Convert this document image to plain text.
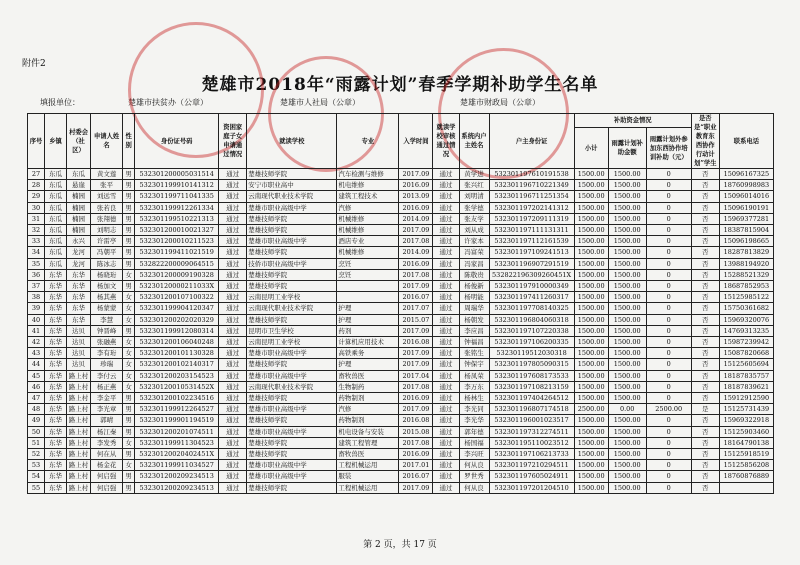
附件2
楚雄市2018年“雨露计划”春季学期补助学生名单
填报单位：	楚雄市扶贫办（公章）	楚雄市人社局（公章）	楚雄市财政局（公章）
序号	乡镇	村委会（社区）	申请人姓名	性别	身份证号码	资困家庭子女申请通过情况	就读学校	专业	入学时间	就读学校审核通过情况	系统内户主姓名	户主身份证	补助资金情况			是否是“职业教育东西协作行动计划”学生	联系电话
													小计	雨露计划补助金额	雨露计划外参加东西协作培训补助（元）		
27	东瓜	东瓜	黄文莲	男	532301200005031514	通过	楚雄技师学院	汽车检测与维修	2017.09	通过	黄学进	532301197610191538	1500.00	1500.00	0	否	15096167325
28	东瓜	悬崖	张平	男	532301199910141312	通过	安宁市职业高中	机电维修	2016.09	通过	张兴红	532301196710221349	1500.00	1500.00	0	否	18760998983
29	东瓜	楠园	刘远雪	男	532301199711041335	通过	云南现代职业技术学院	建筑工程技术	2013.09	通过	刘明清	532301196711251354	1500.00	1500.00	0	否	15096014016
30	东瓜	楠园	张若良	男	532301199912261334	通过	楚雄市职业高级中学	汽修	2016.09	通过	张学德	532301197202141312	1500.00	1500.00	0	否	15096190191
31	东瓜	楠园	张翔德	男	532301199510221313	通过	楚雄技师学院	机械维修	2014.09	通过	张友学	532301197209111319	1500.00	1500.00	0	否	15969377281
32	东瓜	楠园	刘明志	男	532301200010021327	通过	楚雄技师学院	机械维修	2017.09	通过	刘从成	532301197111131311	1500.00	1500.00	0	否	18387815904
33	东瓜	永兴	许雷亭	男	532301200010211523	通过	楚雄市职业高级中学	酒店专业	2017.08	通过	许家本	532301197112161539	1500.00	1500.00	0	否	15096198665
34	东瓜	龙河	冯朝平	男	532301199411021519	通过	楚雄技师学院	机械维修	2014.09	通过	冯富荣	532301197109241513	1500.00	1500.00	0	否	18287813829
35	东瓜	龙河	陈冰志	男	532822200009064515	通过	技侨市职业高级中学	烹饪	2016.09	通过	冯家昌	532301196907291519	1500.00	1500.00	0	否	13988194920
36	东华	东华	杨晓珩	女	532301200009190328	通过	楚雄技师学院	烹饪	2017.08	通过	陈敬贵	532822196309260451X	1500.00	1500.00	0	否	15288521329
37	东华	东华	杨加文	男	53230120000211033X	通过	楚雄技师学院		2017.09	通过	杨俊新	532301197910000349	1500.00	1500.00	0	否	18687852953
38	东华	东华	杨其燕	女	532301200107100322	通过	云南昆明工业学校		2016.07	通过	杨明能	532301197411260317	1500.00	1500.00	0	否	15125985122
39	东华	东华	杨蒙蒙	女	532301199904120347	通过	云南现代职业技术学院	护理	2017.07	通过	周瑞华	532301197708140325	1500.00	1500.00	0	否	15750361682
40	东华	东华	李慧	女	532301200202020329	通过	楚雄技师学院	护理	2015.07	通过	杨朝发	532301196804060318	1500.00	1500.00	0	否	15969320076
41	东华	达贝	钟晋峰	男	532301199912080314	通过	昆明市卫生学校	药剂	2017.09	通过	李应昌	532301197107220338	1500.00	1500.00	0	否	14769313235
42	东华	达贝	张融燕	女	532301200106040248	通过	云南昆明工业学校	计算机应用技术	2016.08	通过	钟福昌	532301197106200335	1500.00	1500.00	0	否	15987239942
43	东华	达贝	李有珩	女	532301200101130328	通过	楚雄市职业高级中学	高铁乘务	2017.09	通过	张铭生	53230119512030318	1500.00	1500.00	0	否	15087820668
44	东华	达贝	珍瑞	女	532301200102140317	通过	楚雄技师学院	护理	2017.09	通过	钟保宇	532301197805090315	1500.00	1500.00	0	否	15125605694
45	东华	路上村	李付云	女	532301200203154523	通过	楚雄市职业高级中学	畜牧兽医	2017.04	通过	杨凤荣	532301197608173533	1500.00	1500.00	0	否	18187835757
46	东华	路上村	杨正燕	女	53230120010531452X	通过	云南现代职业技术学院	生物制药	2017.08	通过	李万东	532301197108213159	1500.00	1500.00	0	否	18187839621
47	东华	路上村	李金平	男	532301200102234516	通过	楚雄技师学院	药物制剂	2016.09	通过	杨林生	532301197404264512	1500.00	1500.00	0	否	15912912590
48	东华	路上村	李光章	男	532301199912264527	通过	楚雄市职业高级中学	汽修	2017.09	通过	李光同	532301196807174518	2500.00	0.00	2500.00	是	15125731439
49	东华	路上村	郭晴	男	532301199901194519	通过	楚雄技师学院	药物制剂	2016.08	通过	李光华	532301196001023517	1500.00	1500.00	0	否	15969322918
50	东华	路上村	杨江秦	男	532301200201074511	通过	楚雄市职业高级中学	机电设备与安装	2015.08	通过	郭年德	532301197312274511	1500.00	1500.00	0	否	15125903460
51	东华	路上村	李发秀	女	532301199911304523	通过	楚雄技师学院	建筑工程管理	2017.08	通过	杨国福	532301195110023512	1500.00	1500.00	0	否	18164790138
52	东华	路上村	何在从	男	53230120020402451X	通过	楚雄技师学院	畜牧兽医	2016.09	通过	李兴旺	532301197106213733	1500.00	1500.00	0	否	15125918519
53	东华	路上村	杨金花	女	532301199911034527	通过	楚雄市职业高级中学	工程机械运用	2017.01	通过	何从良	532301197210294511	1500.00	1500.00	0	否	15125856208
54	东华	路上村	何启强	男	532301200209234513	通过	楚雄市职业高级中学	服装	2016.07	通过	罗世秀	532301197605024911	1500.00	1500.00	0	否	18760876889
55	东华	路上村	何启强	男	532301200209234513	通过	楚雄技师学院	工程机械运用	2017.09	通过	何从良	532301197201204510	1500.00	1500.00	0	否	
第 2 页，共 17 页
